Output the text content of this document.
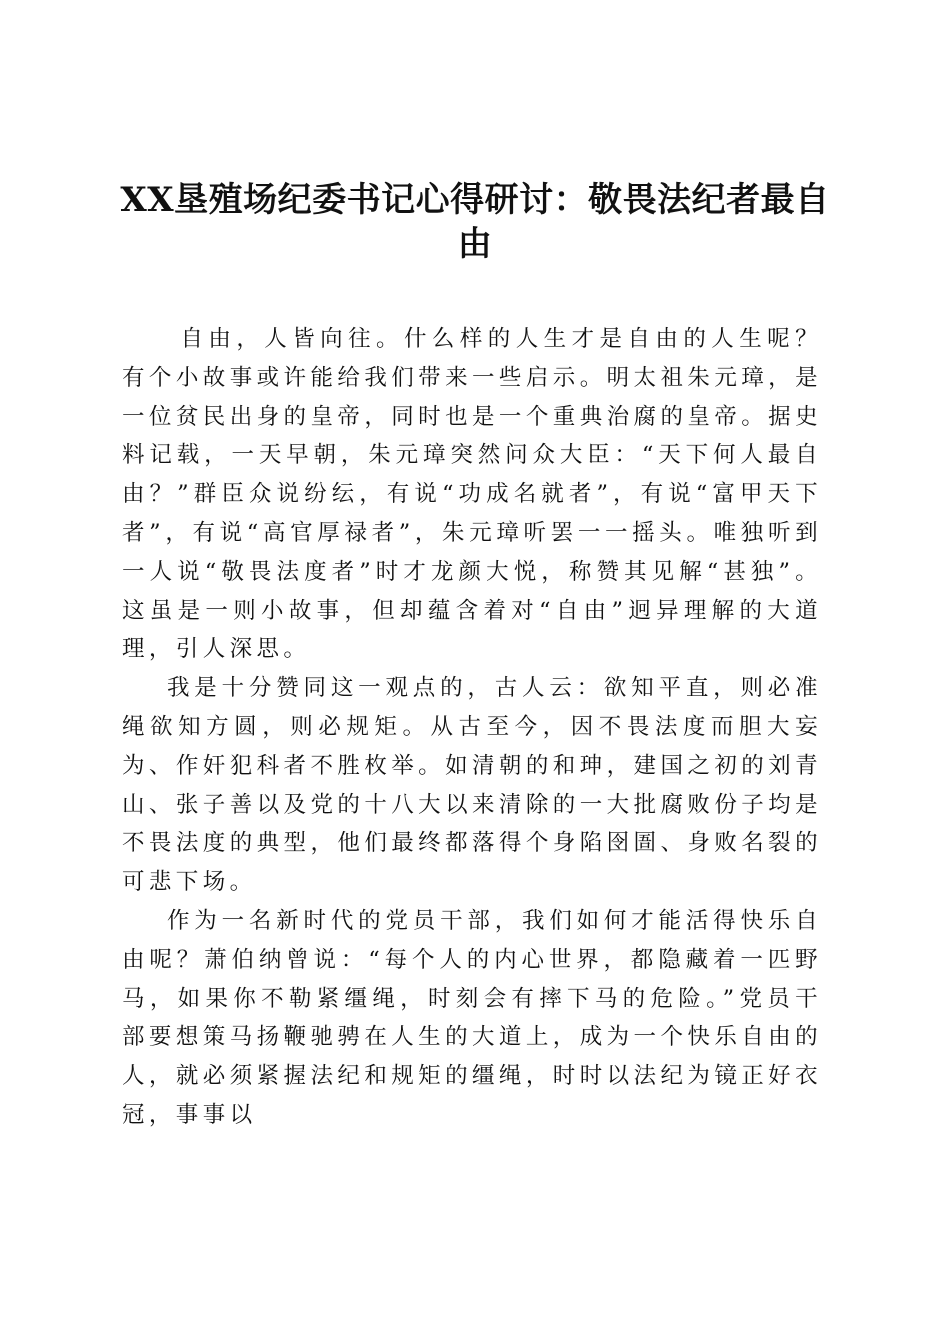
XX垦殖场纪委书记心得研讨：敬畏法纪者最自由

自由，人皆向往。什么样的人生才是自由的人生呢？有个小故事或许能给我们带来一些启示。明太祖朱元璋，是一位贫民出身的皇帝，同时也是一个重典治腐的皇帝。据史料记载，一天早朝，朱元璋突然问众大臣：“天下何人最自由？”群臣众说纷纭，有说“功成名就者”，有说“富甲天下者”，有说“高官厚禄者”，朱元璋听罢一一摇头。唯独听到一人说“敬畏法度者”时才龙颜大悦，称赞其见解“甚独”。这虽是一则小故事，但却蕴含着对“自由”迥异理解的大道理，引人深思。

我是十分赞同这一观点的，古人云：欲知平直，则必准绳欲知方圆，则必规矩。从古至今，因不畏法度而胆大妄为、作奸犯科者不胜枚举。如清朝的和珅，建国之初的刘青山、张子善以及党的十八大以来清除的一大批腐败份子均是不畏法度的典型，他们最终都落得个身陷囹圄、身败名裂的可悲下场。

作为一名新时代的党员干部，我们如何才能活得快乐自由呢？萧伯纳曾说：“每个人的内心世界，都隐藏着一匹野马，如果你不勒紧缰绳，时刻会有摔下马的危险。”党员干部要想策马扬鞭驰骋在人生的大道上，成为一个快乐自由的人，就必须紧握法纪和规矩的缰绳，时时以法纪为镜正好衣冠，事事以
